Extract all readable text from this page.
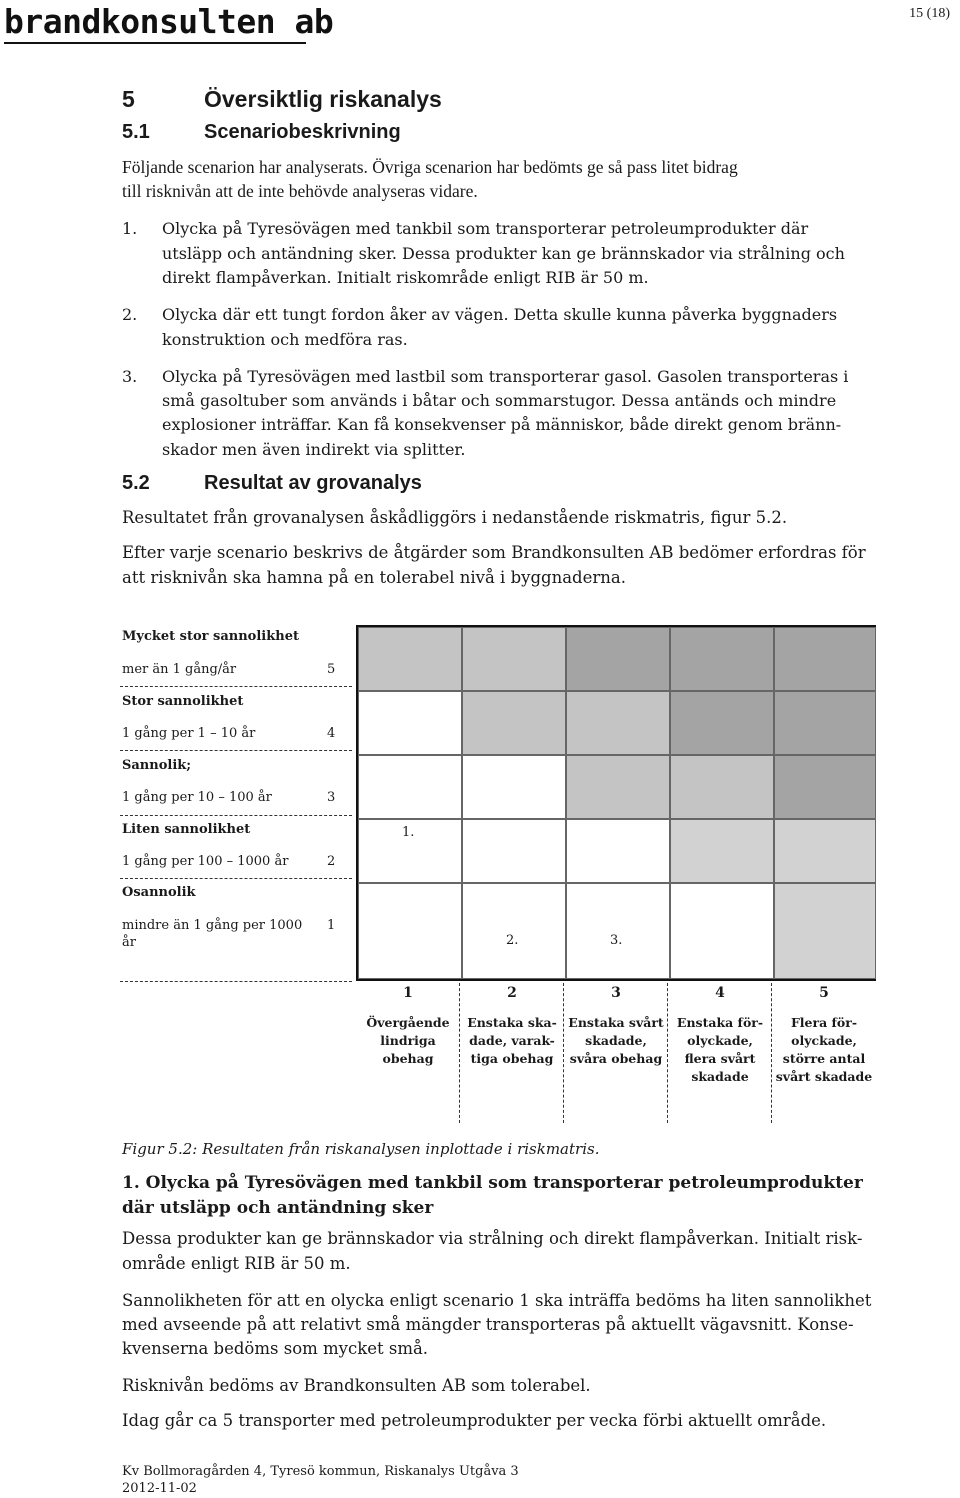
brandkonsulten ab	15 (18)
5	Översiktlig riskanalys
5.1	Scenariobeskrivning
Följande scenarion har analyserats. Övriga scenarion har bedömts ge så pass litet bidrag
till risknivån att de inte behövde analyseras vidare.
1. Olycka på Tyresövägen med tankbil som transporterar petroleumprodukter där
utsläpp och antändning sker. Dessa produkter kan ge brännskador via strålning och
direkt flampåverkan. Initialt riskområde enligt RIB är 50 m.
2. Olycka där ett tungt fordon åker av vägen. Detta skulle kunna påverka byggnaders
konstruktion och medföra ras.
3. Olycka på Tyresövägen med lastbil som transporterar gasol. Gasolen transporteras i
små gasoltuber som används i båtar och sommarstugor. Dessa antänds och mindre
explosioner inträffar. Kan få konsekvenser på människor, både direkt genom bränn-
skador men även indirekt via splitter.
5.2	Resultat av grovanalys
Resultatet från grovanalysen åskådliggörs i nedanstående riskmatris, figur 5.2.
Efter varje scenario beskrivs de åtgärder som Brandkonsulten AB bedömer erfordras för
att risknivån ska hamna på en tolerabel nivå i byggnaderna.
Mycket stor sannolikhet
mer än 1 gång/år	5
Stor sannolikhet
1 gång per 1 – 10 år	4
Sannolik;
1 gång per 10 – 100 år	3
Liten sannolikhet
1 gång per 100 – 1000 år	2
Osannolik
mindre än 1 gång per 1000 1
år
1.
2.	3.
1	2	3	4	5
Övergående
lindriga
obehag
Enstaka ska-
dade, varak-
tiga obehag
Enstaka svårt
skadade,
svåra obehag
Enstaka för-
olyckade,
flera svårt
skadade
Flera för-
olyckade,
större antal
svårt skadade
Figur 5.2: Resultaten från riskanalysen inplottade i riskmatris.
1. Olycka på Tyresövägen med tankbil som transporterar petroleumprodukter
där utsläpp och antändning sker
Dessa produkter kan ge brännskador via strålning och direkt flampåverkan. Initialt risk-
område enligt RIB är 50 m.
Sannolikheten för att en olycka enligt scenario 1 ska inträffa bedöms ha liten sannolikhet
med avseende på att relativt små mängder transporteras på aktuellt vägavsnitt. Konse-
kvenserna bedöms som mycket små.
Risknivån bedöms av Brandkonsulten AB som tolerabel.
Idag går ca 5 transporter med petroleumprodukter per vecka förbi aktuellt område.
Kv Bollmoragården 4, Tyresö kommun, Riskanalys Utgåva 3
2012-11-02
